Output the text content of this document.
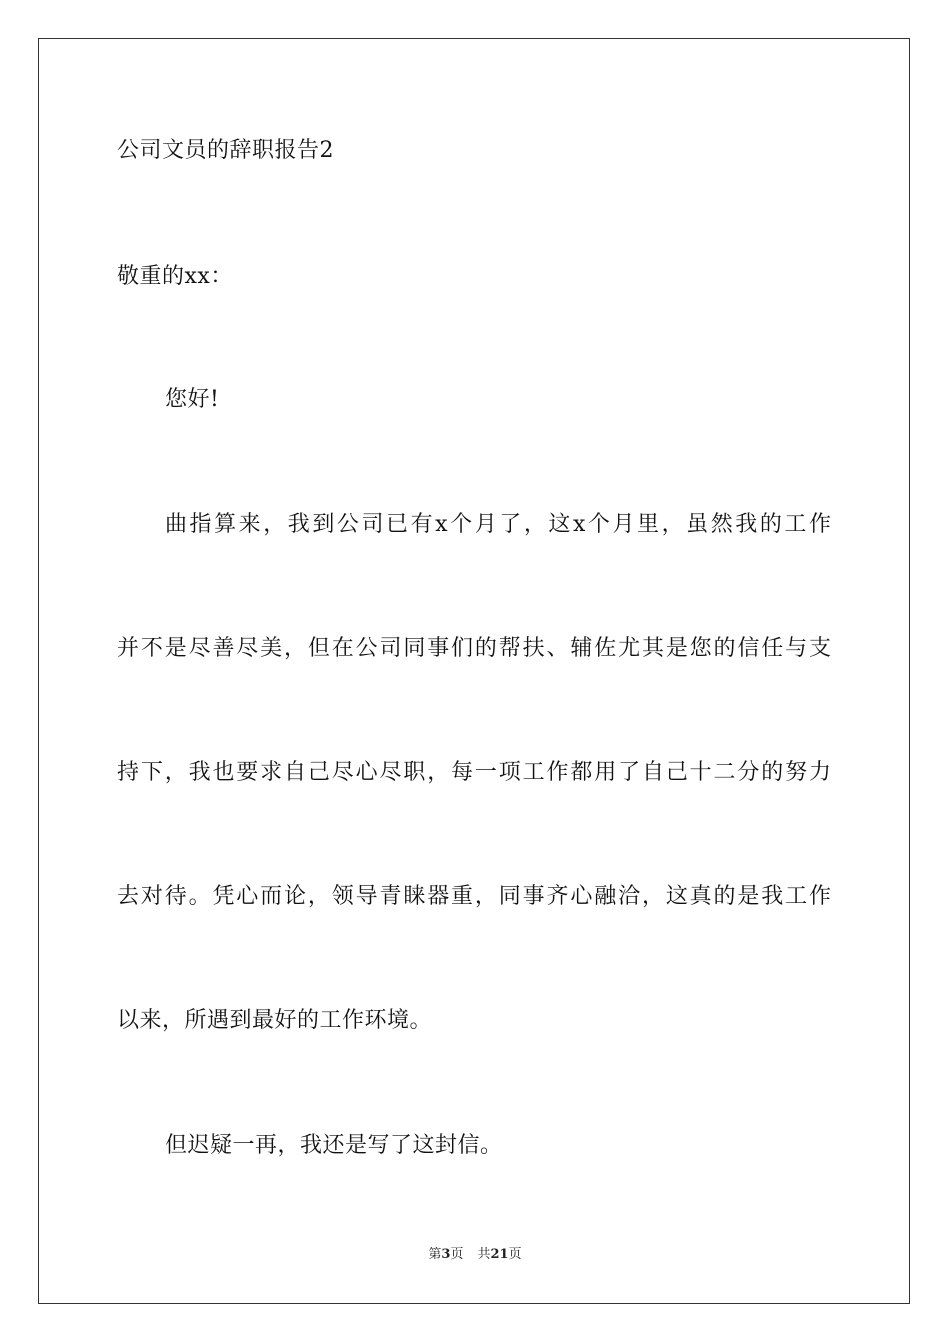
公司文员的辞职报告2
敬重的xx：
您好!
曲指算来，我到公司已有x个月了，这x个月里，虽然我的工作
并不是尽善尽美，但在公司同事们的帮扶、辅佐尤其是您的信任与支
持下，我也要求自己尽心尽职，每一项工作都用了自己十二分的努力
去对待。凭心而论，领导青睐器重，同事齐心融洽，这真的是我工作
以来，所遇到最好的工作环境。
但迟疑一再，我还是写了这封信。
第3页 共21页
